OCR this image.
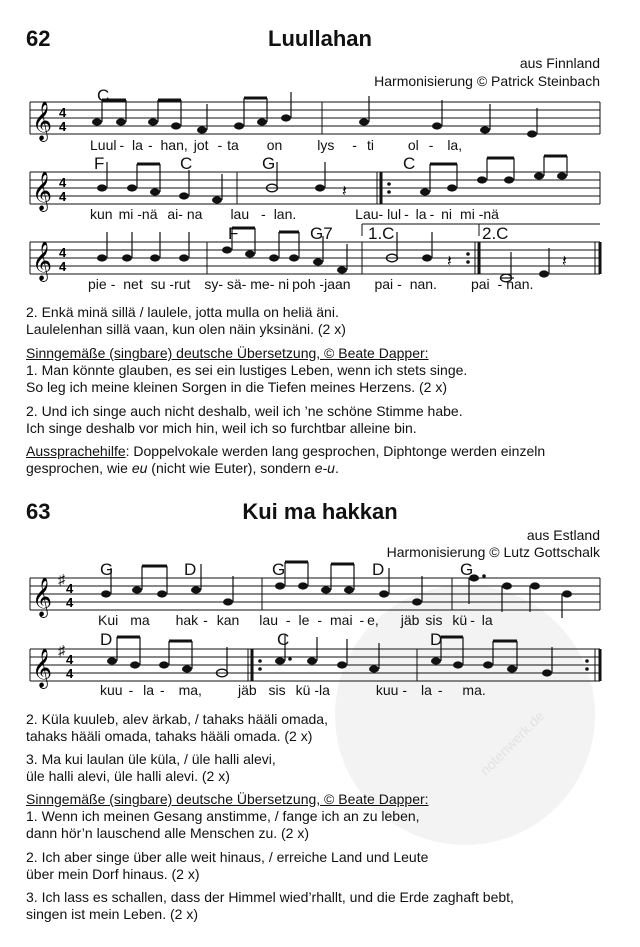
notenwerk.de
62	Luullahan
aus Finnland
Harmonisierung © Patrick Steinbach
𝄞 4
4
C
Luul - la - han, jot - ta on	lys - ti ol - la,
𝄞 4
4	𝄽
F	C	G	C
kun mi -nä ai- na lau - lan.	Lau- lul - la - ni mi -nä
𝄞 4
4	𝄽	𝄽
F	G7 1.C	2.C
pie - net su -rut sy- sä- me- ni poh -jaan pai - nan. pai - nan.
2. Enkä minä sillä / laulele, jotta mulla on heliä äni.
Laulelenhan sillä vaan, kun olen näin yksinäni. (2 x)
Sinngemäße (singbare) deutsche Übersetzung, © Beate Dapper:
1. Man könnte glauben, es sei ein lustiges Leben, wenn ich stets singe.
So leg ich meine kleinen Sorgen in die Tiefen meines Herzens. (2 x)
2. Und ich singe auch nicht deshalb, weil ich ’ne schöne Stimme habe.
Ich singe deshalb vor mich hin, weil ich so furchtbar alleine bin.
Aussprachehilfe: Doppelvokale werden lang gesprochen, Diphtonge werden einzeln
gesprochen, wie eu (nicht wie Euter), sondern e-u.
63	Kui ma hakkan
aus Estland
Harmonisierung © Lutz Gottschalk
𝄞 ♯
4
4
G	D	G	D	G
Kui ma hak - kan lau - le - mai - e, jäb sis kü - la
𝄞 ♯
4
4
D	C	D
kuu - la - ma,	jäb sis kü -la	kuu - la - ma.
2. Küla kuuleb, alev ärkab, / tahaks hääli omada,
tahaks hääli omada, tahaks hääli omada. (2 x)
3. Ma kui laulan üle küla, / üle halli alevi,
üle halli alevi, üle halli alevi. (2 x)
Sinngemäße (singbare) deutsche Übersetzung, © Beate Dapper:
1. Wenn ich meinen Gesang anstimme, / fange ich an zu leben,
dann hör’n lauschend alle Menschen zu. (2 x)
2. Ich aber singe über alle weit hinaus, / erreiche Land und Leute
über mein Dorf hinaus. (2 x)
3. Ich lass es schallen, dass der Himmel wied’rhallt, und die Erde zaghaft bebt,
singen ist mein Leben. (2 x)
